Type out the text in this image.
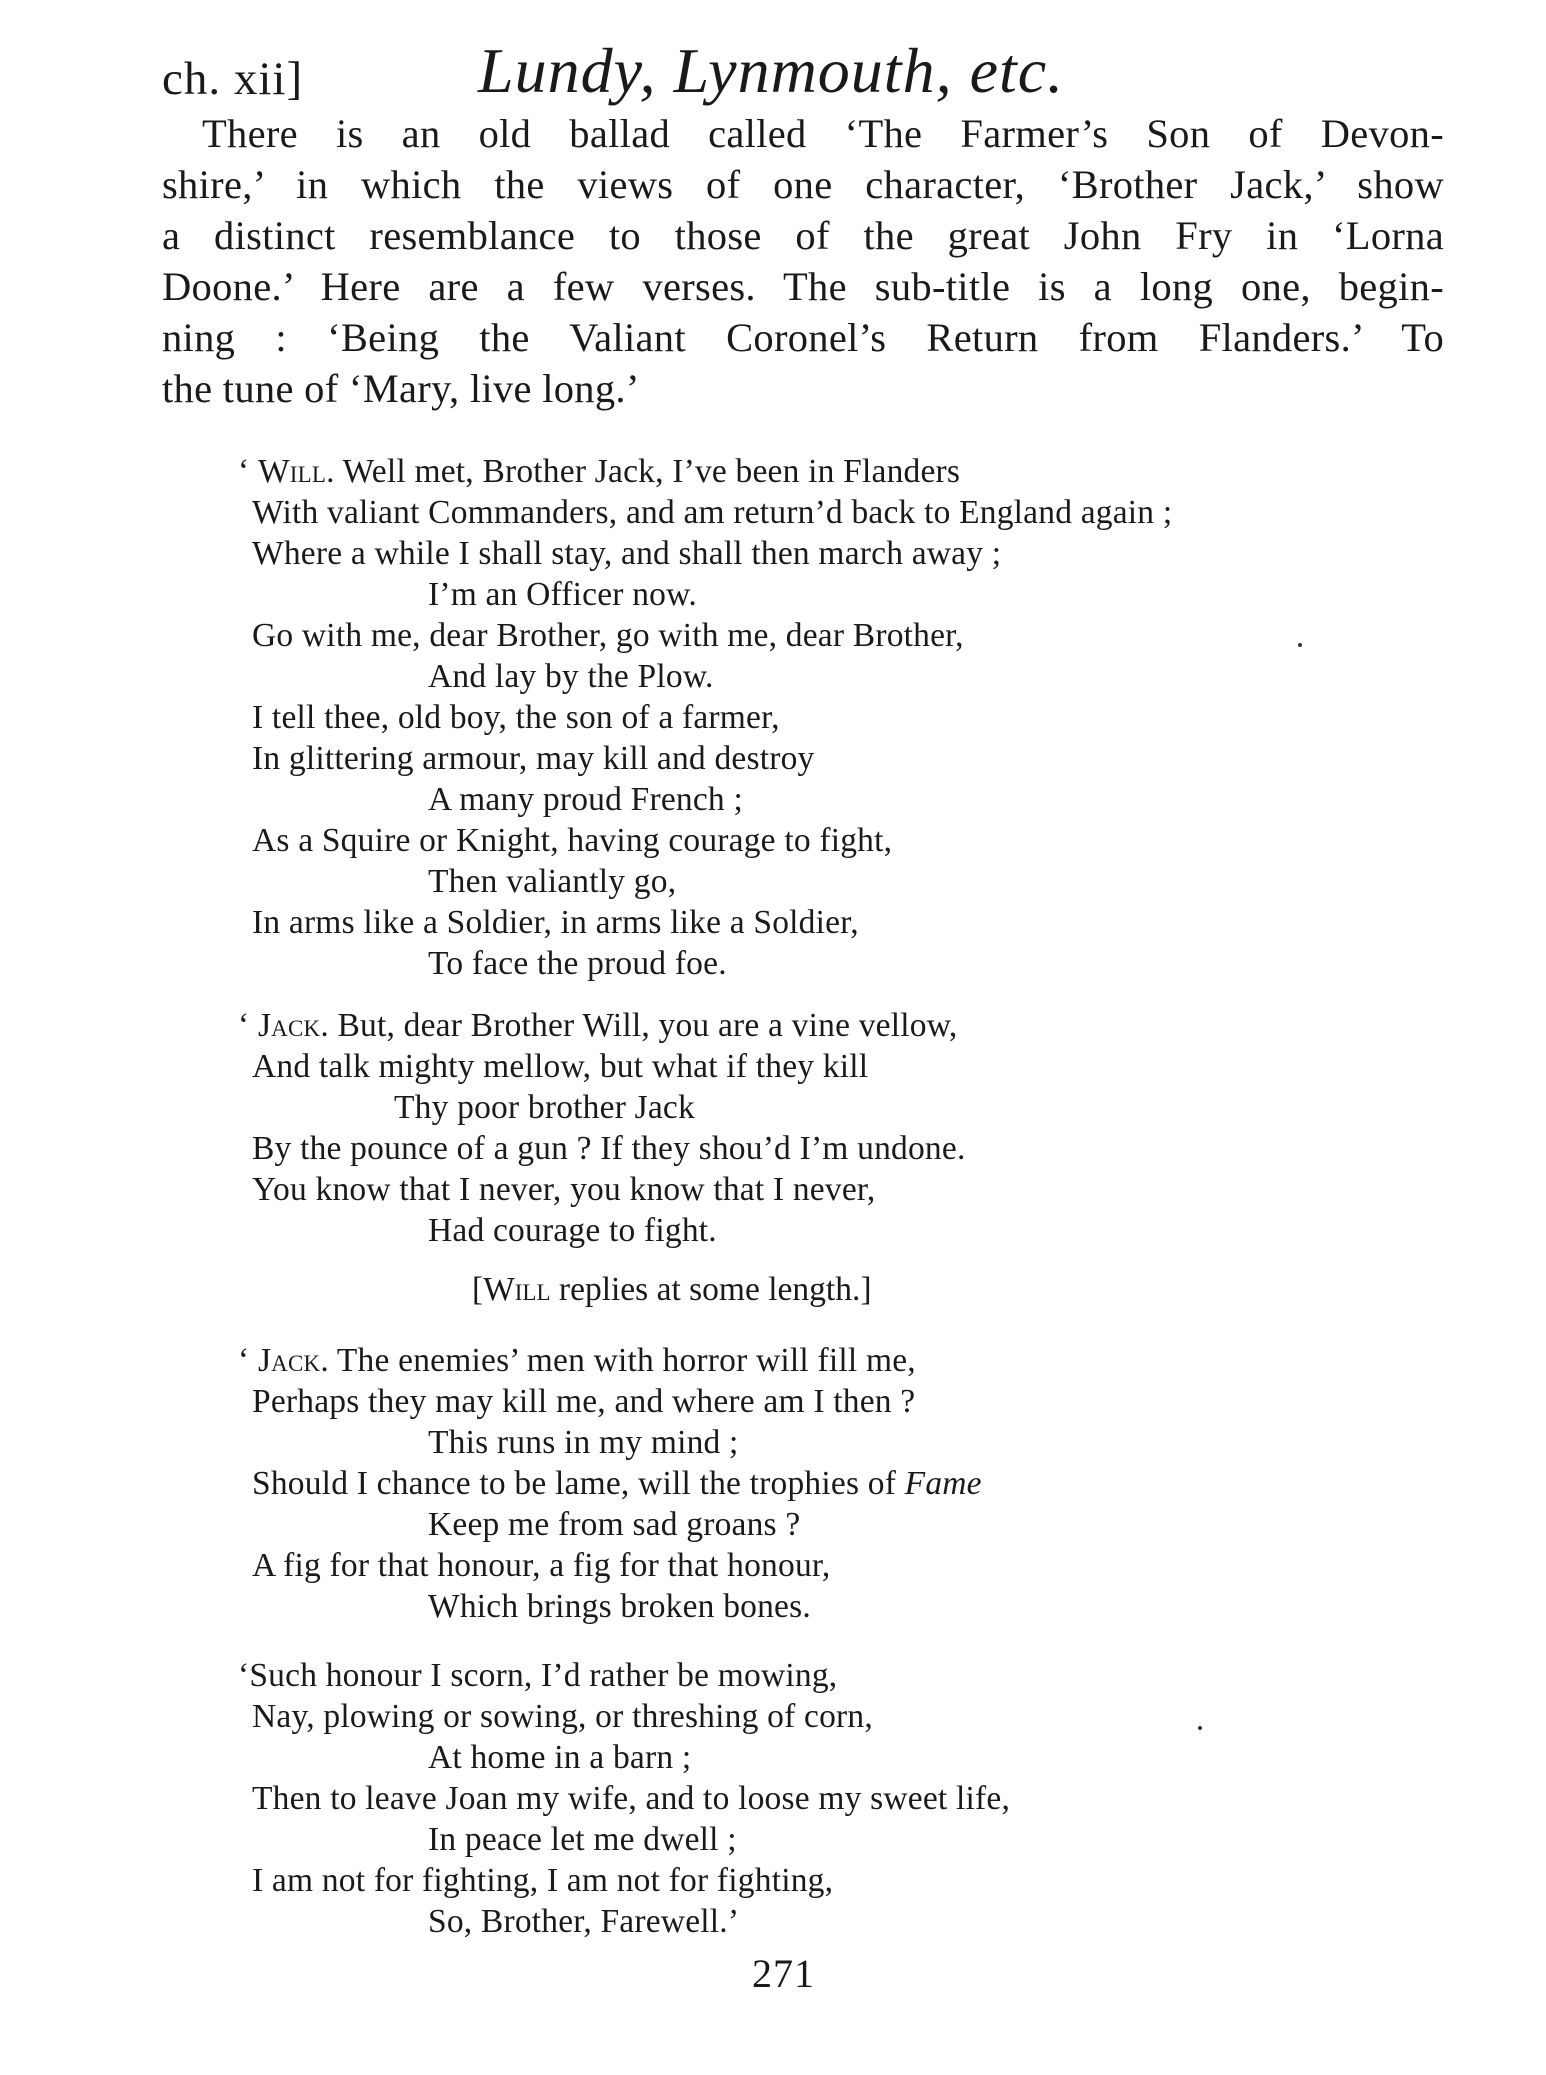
ch. xii]	Lundy, Lynmouth, etc.
There is an old ballad called ‘The Farmer’s Son of Devon-
shire,’ in which the views of one character, ‘Brother Jack,’ show
a distinct resemblance to those of the great John Fry in ‘Lorna
Doone.’ Here are a few verses. The sub-title is a long one, begin-
ning : ‘Being the Valiant Coronel’s Return from Flanders.’ To
the tune of ‘Mary, live long.’
‘ Will. Well met, Brother Jack, I’ve been in Flanders
With valiant Commanders, and am return’d back to England again ;
Where a while I shall stay, and shall then march away ;
I’m an Officer now.
Go with me, dear Brother, go with me, dear Brother,
And lay by the Plow.
I tell thee, old boy, the son of a farmer,
In glittering armour, may kill and destroy
A many proud French ;
As a Squire or Knight, having courage to fight,
Then valiantly go,
In arms like a Soldier, in arms like a Soldier,
To face the proud foe.
‘ Jack. But, dear Brother Will, you are a vine vellow,
And talk mighty mellow, but what if they kill
Thy poor brother Jack
By the pounce of a gun ? If they shou’d I’m undone.
You know that I never, you know that I never,
Had courage to fight.
[Will replies at some length.]
‘ Jack. The enemies’ men with horror will fill me,
Perhaps they may kill me, and where am I then ?
This runs in my mind ;
Should I chance to be lame, will the trophies of Fame
Keep me from sad groans ?
A fig for that honour, a fig for that honour,
Which brings broken bones.
‘Such honour I scorn, I’d rather be mowing,
Nay, plowing or sowing, or threshing of corn,
At home in a barn ;
Then to leave Joan my wife, and to loose my sweet life,
In peace let me dwell ;
I am not for fighting, I am not for fighting,
So, Brother, Farewell.’
271
